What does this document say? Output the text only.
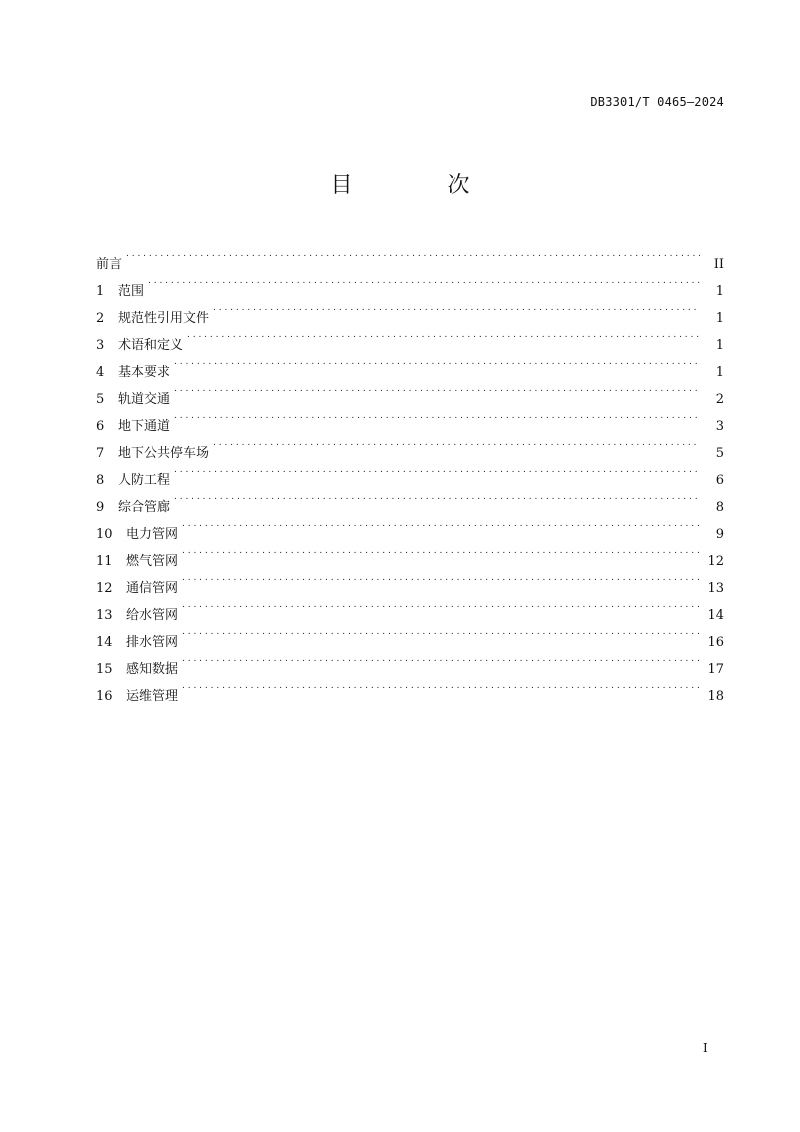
DB3301/T 0465—2024
目 次
前言 . . .	II
1	范围 . . .	1
2	规范性引用文件 . . .	1
3	术语和定义 . . .	1
4	基本要求 . . .	1
5	轨道交通 . . .	2
6	地下通道 . . .	3
7	地下公共停车场 . . .	5
8	人防工程 . . .	6
9	综合管廊 . . .	8
10	电力管网 . . .	9
11	燃气管网 . . .	12
12	通信管网 . . .	13
13	给水管网 . . .	14
14	排水管网 . . .	16
15	感知数据 . . .	17
16	运维管理 . . .	18
I
